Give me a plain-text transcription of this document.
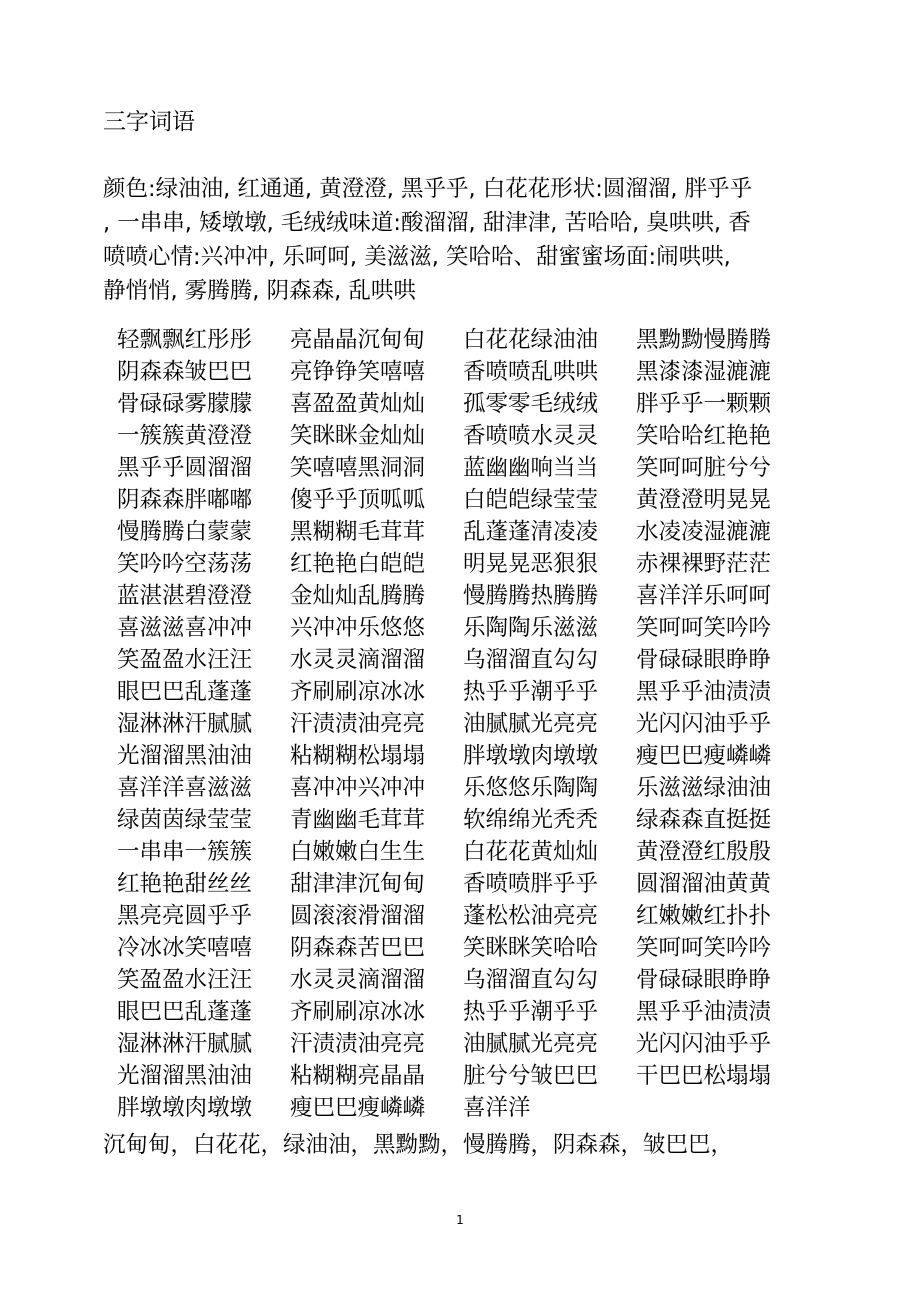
三字词语

颜色:绿油油, 红通通, 黄澄澄, 黑乎乎, 白花花形状:圆溜溜, 胖乎乎
, 一串串, 矮墩墩, 毛绒绒味道:酸溜溜, 甜津津, 苦哈哈, 臭哄哄, 香
喷喷心情:兴冲冲, 乐呵呵, 美滋滋, 笑哈哈、甜蜜蜜场面:闹哄哄,
静悄悄, 雾腾腾, 阴森森, 乱哄哄

轻飘飘红彤彤	亮晶晶沉甸甸	白花花绿油油	黑黝黝慢腾腾
阴森森皱巴巴	亮铮铮笑嘻嘻	香喷喷乱哄哄	黑漆漆湿漉漉
骨碌碌雾朦朦	喜盈盈黄灿灿	孤零零毛绒绒	胖乎乎一颗颗
一簇簇黄澄澄	笑眯眯金灿灿	香喷喷水灵灵	笑哈哈红艳艳
黑乎乎圆溜溜	笑嘻嘻黑洞洞	蓝幽幽响当当	笑呵呵脏兮兮
阴森森胖嘟嘟	傻乎乎顶呱呱	白皑皑绿莹莹	黄澄澄明晃晃
慢腾腾白蒙蒙	黑糊糊毛茸茸	乱蓬蓬清凌凌	水凌凌湿漉漉
笑吟吟空荡荡	红艳艳白皑皑	明晃晃恶狠狠	赤裸裸野茫茫
蓝湛湛碧澄澄	金灿灿乱腾腾	慢腾腾热腾腾	喜洋洋乐呵呵
喜滋滋喜冲冲	兴冲冲乐悠悠	乐陶陶乐滋滋	笑呵呵笑吟吟
笑盈盈水汪汪	水灵灵滴溜溜	乌溜溜直勾勾	骨碌碌眼睁睁
眼巴巴乱蓬蓬	齐刷刷凉冰冰	热乎乎潮乎乎	黑乎乎油渍渍
湿淋淋汗腻腻	汗渍渍油亮亮	油腻腻光亮亮	光闪闪油乎乎
光溜溜黑油油	粘糊糊松塌塌	胖墩墩肉墩墩	瘦巴巴瘦嶙嶙
喜洋洋喜滋滋	喜冲冲兴冲冲	乐悠悠乐陶陶	乐滋滋绿油油
绿茵茵绿莹莹	青幽幽毛茸茸	软绵绵光秃秃	绿森森直挺挺
一串串一簇簇	白嫩嫩白生生	白花花黄灿灿	黄澄澄红殷殷
红艳艳甜丝丝	甜津津沉甸甸	香喷喷胖乎乎	圆溜溜油黄黄
黑亮亮圆乎乎	圆滚滚滑溜溜	蓬松松油亮亮	红嫩嫩红扑扑
冷冰冰笑嘻嘻	阴森森苦巴巴	笑眯眯笑哈哈	笑呵呵笑吟吟
笑盈盈水汪汪	水灵灵滴溜溜	乌溜溜直勾勾	骨碌碌眼睁睁
眼巴巴乱蓬蓬	齐刷刷凉冰冰	热乎乎潮乎乎	黑乎乎油渍渍
湿淋淋汗腻腻	汗渍渍油亮亮	油腻腻光亮亮	光闪闪油乎乎
光溜溜黑油油	粘糊糊亮晶晶	脏兮兮皱巴巴	干巴巴松塌塌
胖墩墩肉墩墩	瘦巴巴瘦嶙嶙	喜洋洋

沉甸甸，白花花，绿油油，黑黝黝，慢腾腾，阴森森，皱巴巴，

1
